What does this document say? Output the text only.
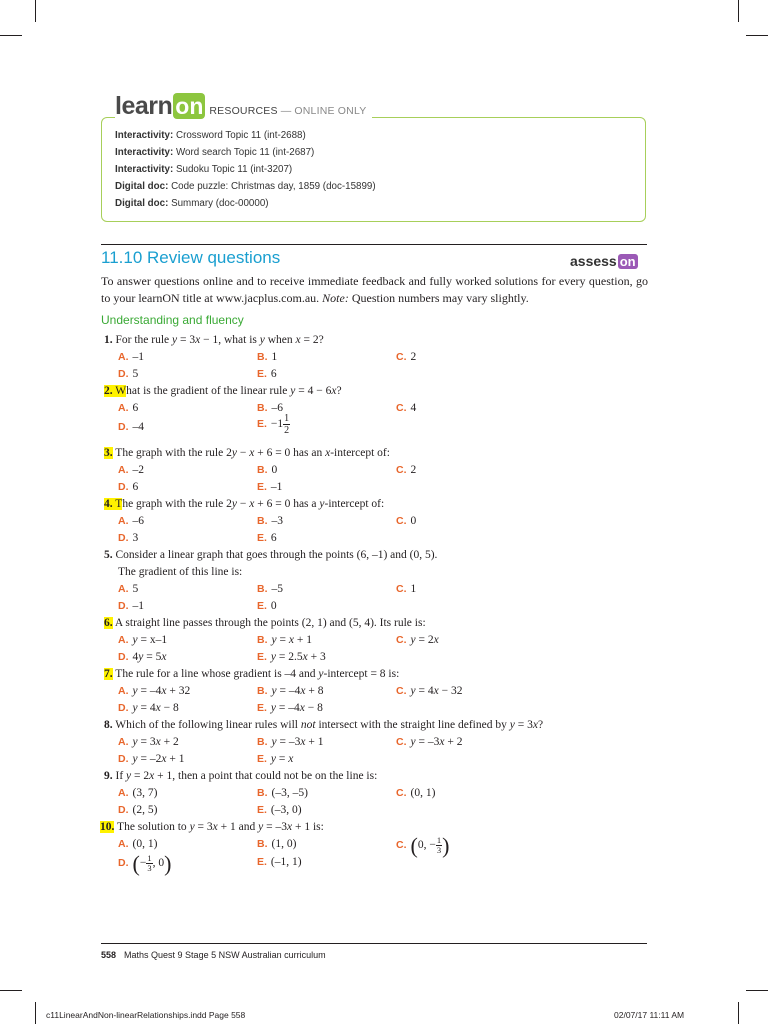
learn on RESOURCES — ONLINE ONLY
Interactivity: Crossword Topic 11 (int-2688)
Interactivity: Word search Topic 11 (int-2687)
Interactivity: Sudoku Topic 11 (int-3207)
Digital doc: Code puzzle: Christmas day, 1859 (doc-15899)
Digital doc: Summary (doc-00000)
11.10 Review questions	assess on

To answer questions online and to receive immediate feedback and fully worked solutions for every question, go to your learnON title at www.jacplus.com.au. Note: Question numbers may vary slightly.

Understanding and fluency
1. For the rule y = 3x − 1, what is y when x = 2?
A. –1	B. 1	C. 2
D. 5	E. 6
2. What is the gradient of the linear rule y = 4 − 6x?
A. 6	B. –6	C. 4
D. –4	E. $-1 \frac{1}{2}$
3. The graph with the rule 2y − x + 6 = 0 has an x-intercept of:
A. –2	B. 0	C. 2
D. 6	E. –1
4. The graph with the rule 2y − x + 6 = 0 has a y-intercept of:
A. –6	B. –3	C. 0
D. 3	E. 6
5. Consider a linear graph that goes through the points (6, –1) and (0, 5).
The gradient of this line is:
A. 5	B. –5	C. 1
D. –1	E. 0
6. A straight line passes through the points (2, 1) and (5, 4). Its rule is:
A. y = x–1	B. y = x + 1	C. y = 2x
D. 4y = 5x	E. y = 2.5x + 3
7. The rule for a line whose gradient is –4 and y-intercept = 8 is:
A. y = –4x + 32	B. y = –4x + 8	C. y = 4x − 32
D. y = 4x − 8	E. y = –4x − 8
8. Which of the following linear rules will not intersect with the straight line defined by y = 3x?
A. y = 3x + 2	B. y = –3x + 1	C. y = –3x + 2
D. y = –2x + 1	E. y = x
9. If y = 2x + 1, then a point that could not be on the line is:
A. (3, 7)	B. (–3, –5)	C. (0, 1)
D. (2, 5)	E. (–3, 0)
10. The solution to y = 3x + 1 and y = –3x + 1 is:
A. (0, 1)	B. (1, 0)	C. (0, − $\frac{1}{3}$ )
D. (− $\frac{1}{3}$ , 0)	E. (–1, 1)
558 Maths Quest 9 Stage 5 NSW Australian curriculum
c11LinearAndNon-linearRelationships.indd Page 558	02/07/17 11:11 AM
